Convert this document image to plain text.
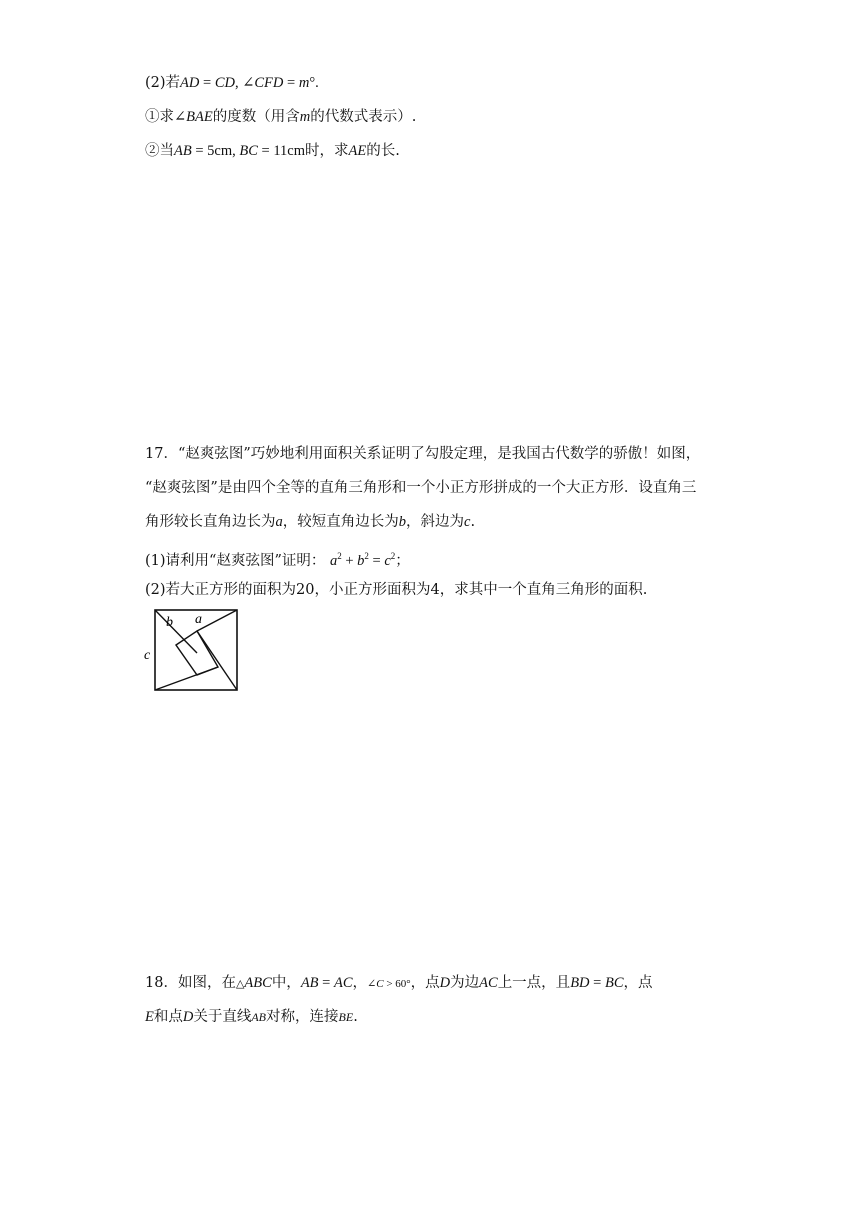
(2)若AD = CD, ∠CFD = m°.
①求∠BAE的度数（用含m的代数式表示）.
②当AB = 5cm, BC = 11cm时，求AE的长.
17．“赵爽弦图”巧妙地利用面积关系证明了勾股定理，是我国古代数学的骄傲！如图，
“赵爽弦图”是由四个全等的直角三角形和一个小正方形拼成的一个大正方形．设直角三
角形较长直角边长为a，较短直角边长为b，斜边为c.
(1)请利用“赵爽弦图”证明： $a^2 + b^2 = c^2$；
(2)若大正方形的面积为20，小正方形面积为4，求其中一个直角三角形的面积.
b a
c
18．如图，在△ABC中，AB = AC，∠C > 60°，点D为边AC上一点，且BD = BC，点
E和点D关于直线AB对称，连接BE.
